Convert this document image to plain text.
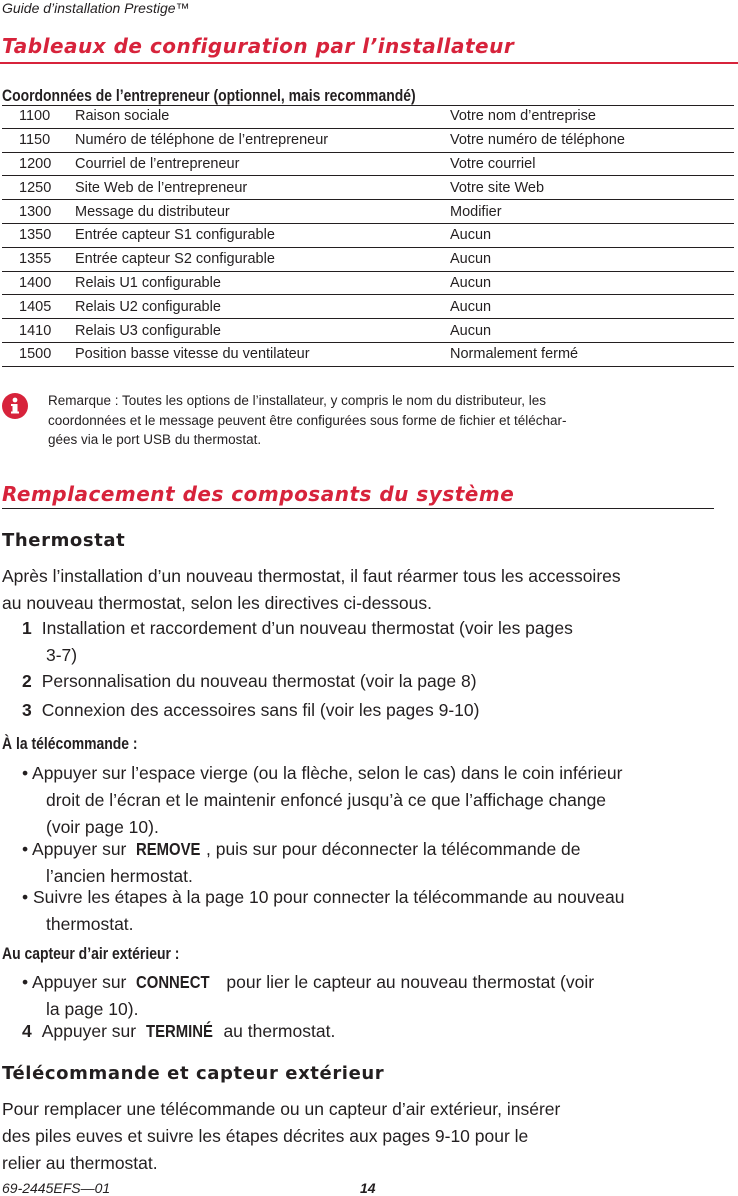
Guide d’installation Prestige™
Tableaux de configuration par l’installateur
Coordonnées de l’entrepreneur (optionnel, mais recommandé)
1100	Raison sociale	Votre nom d’entreprise
1150	Numéro de téléphone de l’entrepreneur	Votre numéro de téléphone
1200	Courriel de l’entrepreneur	Votre courriel
1250	Site Web de l’entrepreneur	Votre site Web
1300	Message du distributeur	Modifier
1350	Entrée capteur S1 configurable	Aucun
1355	Entrée capteur S2 configurable	Aucun
1400	Relais U1 configurable	Aucun
1405	Relais U2 configurable	Aucun
1410	Relais U3 configurable	Aucun
1500	Position basse vitesse du ventilateur	Normalement fermé
Remarque : Toutes les options de l’installateur, y compris le nom du distributeur, les
coordonnées et le message peuvent être configurées sous forme de fichier et téléchar-
gées via le port USB du thermostat.
Remplacement des composants du système
Thermostat
Après l’installation d’un nouveau thermostat, il faut réarmer tous les accessoires
au nouveau thermostat, selon les directives ci-dessous.
1 Installation et raccordement d’un nouveau thermostat (voir les pages
3-7)
2 Personnalisation du nouveau thermostat (voir la page 8)
3 Connexion des accessoires sans fil (voir les pages 9-10)
À la télécommande :
• Appuyer sur l’espace vierge (ou la flèche, selon le cas) dans le coin inférieur
droit de l’écran et le maintenir enfoncé jusqu’à ce que l’affichage change
(voir page 10).
• Appuyer sur REMOVE , puis sur pour déconnecter la télécommande de
l’ancien hermostat.
• Suivre les étapes à la page 10 pour connecter la télécommande au nouveau
thermostat.
Au capteur d’air extérieur :
• Appuyer sur CONNECT pour lier le capteur au nouveau thermostat (voir
la page 10).
4 Appuyer sur TERMINÉ au thermostat.
Télécommande et capteur extérieur
Pour remplacer une télécommande ou un capteur d’air extérieur, insérer
des piles euves et suivre les étapes décrites aux pages 9-10 pour le
relier au thermostat.
69-2445EFS—01	14
